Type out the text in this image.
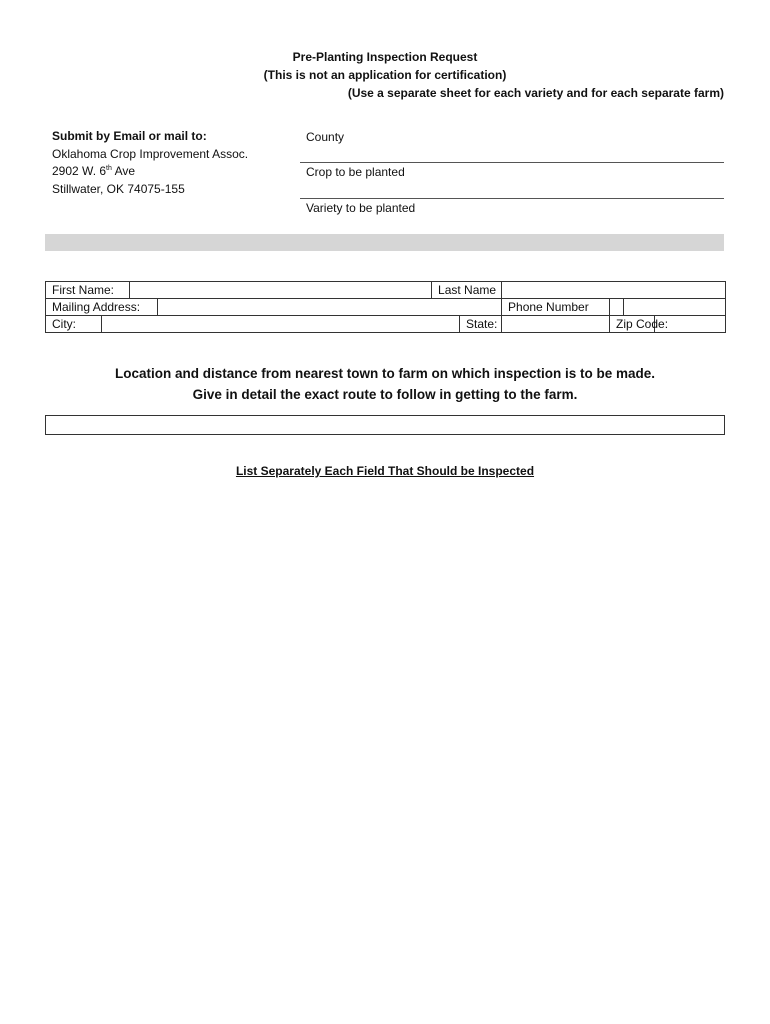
Pre-Planting Inspection Request
(This is not an application for certification)
(Use a separate sheet for each variety and for each separate farm)
Submit by Email or mail to:
Oklahoma Crop Improvement Assoc.
2902 W. 6th Ave
Stillwater, OK 74075-155
County
Crop to be planted
Variety to be planted
First Name:				Last Name					
Mailing Address:						Phone Number			
City:					State:		Zip Code:		
Location and distance from nearest town to farm on which inspection is to be made.
Give in detail the exact route to follow in getting to the farm.
List Separately Each Field That Should be Inspected
